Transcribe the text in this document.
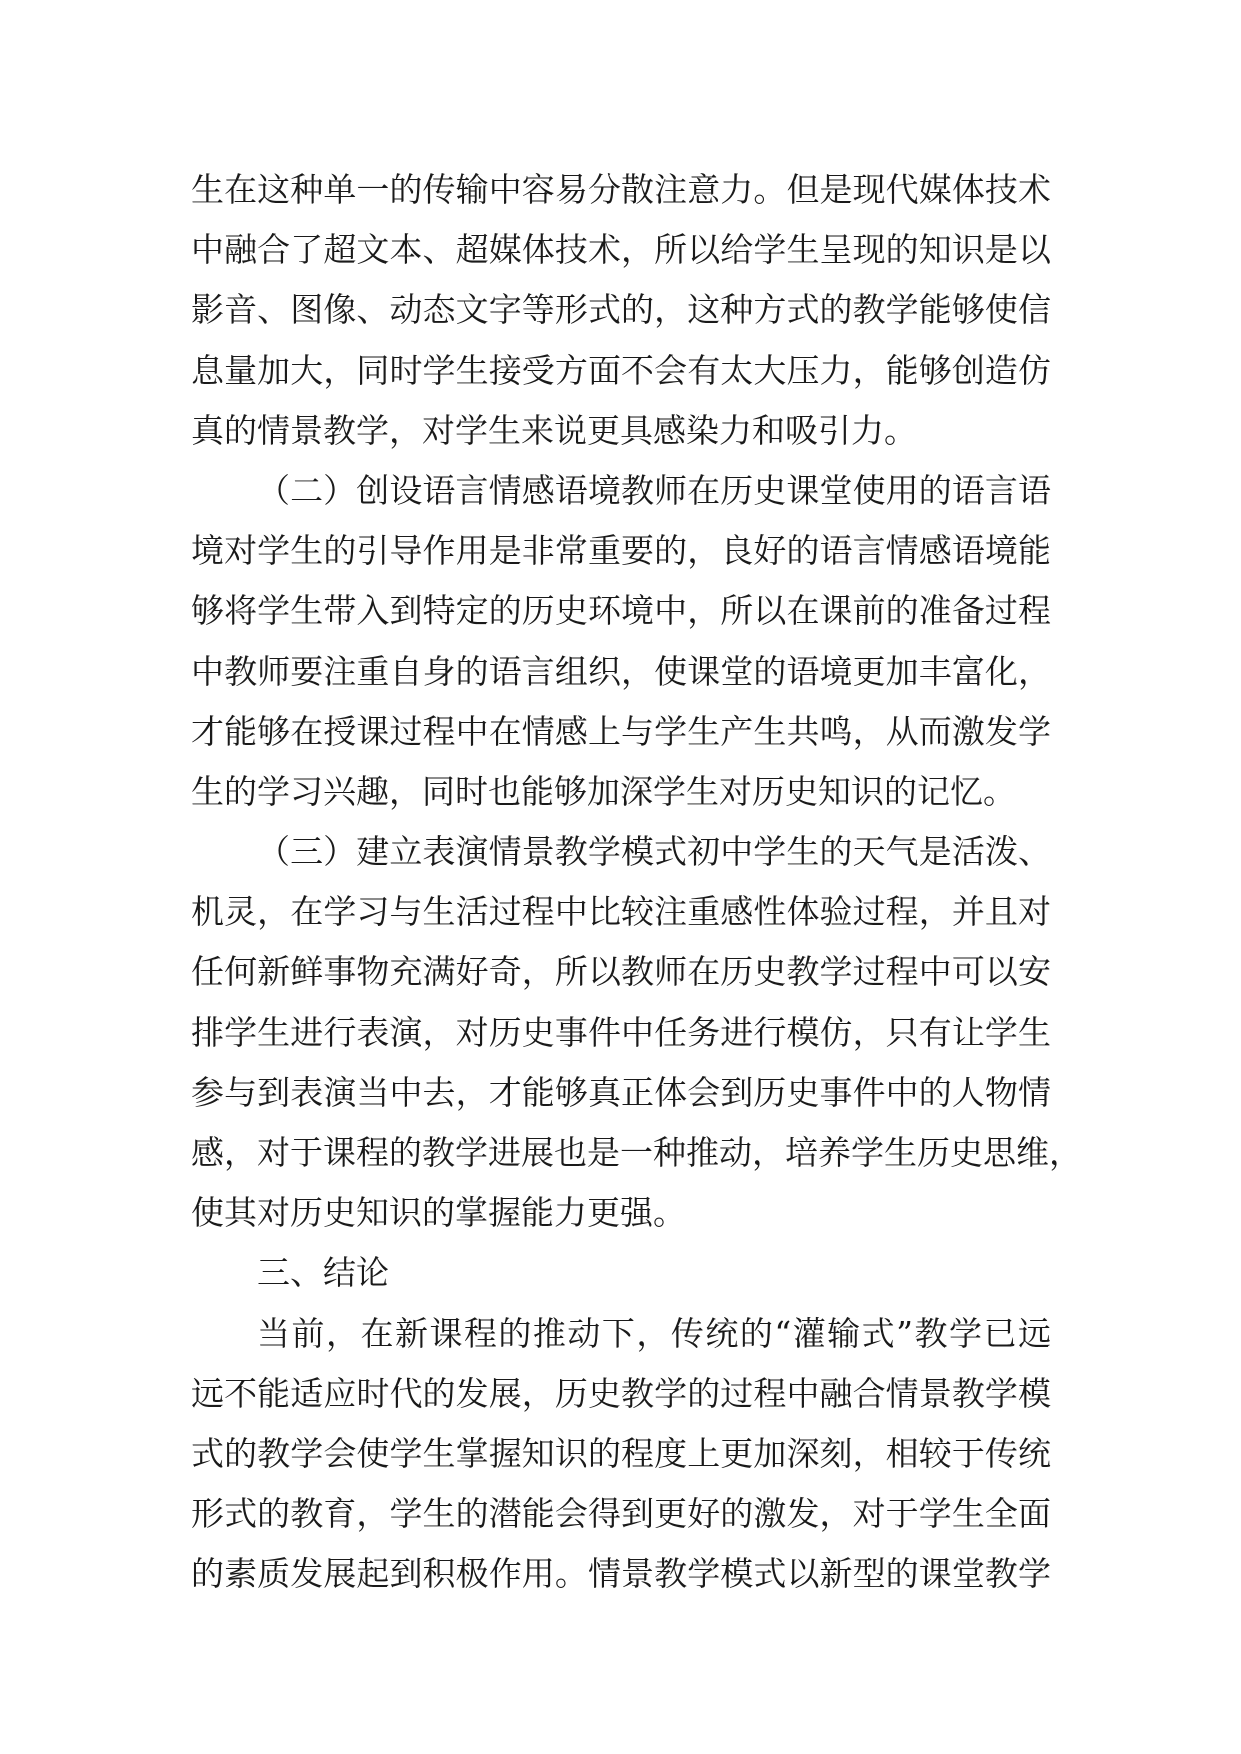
生在这种单一的传输中容易分散注意力。但是现代媒体技术
中融合了超文本、超媒体技术，所以给学生呈现的知识是以
影音、图像、动态文字等形式的，这种方式的教学能够使信
息量加大，同时学生接受方面不会有太大压力，能够创造仿
真的情景教学，对学生来说更具感染力和吸引力。
（二）创设语言情感语境教师在历史课堂使用的语言语
境对学生的引导作用是非常重要的，良好的语言情感语境能
够将学生带入到特定的历史环境中，所以在课前的准备过程
中教师要注重自身的语言组织，使课堂的语境更加丰富化，
才能够在授课过程中在情感上与学生产生共鸣，从而激发学
生的学习兴趣，同时也能够加深学生对历史知识的记忆。
（三）建立表演情景教学模式初中学生的天气是活泼、
机灵，在学习与生活过程中比较注重感性体验过程，并且对
任何新鲜事物充满好奇，所以教师在历史教学过程中可以安
排学生进行表演，对历史事件中任务进行模仿，只有让学生
参与到表演当中去，才能够真正体会到历史事件中的人物情
感，对于课程的教学进展也是一种推动，培养学生历史思维，
使其对历史知识的掌握能力更强。
三、结论
当前，在新课程的推动下，传统的“灌输式”教学已远
远不能适应时代的发展，历史教学的过程中融合情景教学模
式的教学会使学生掌握知识的程度上更加深刻，相较于传统
形式的教育，学生的潜能会得到更好的激发，对于学生全面
的素质发展起到积极作用。情景教学模式以新型的课堂教学
